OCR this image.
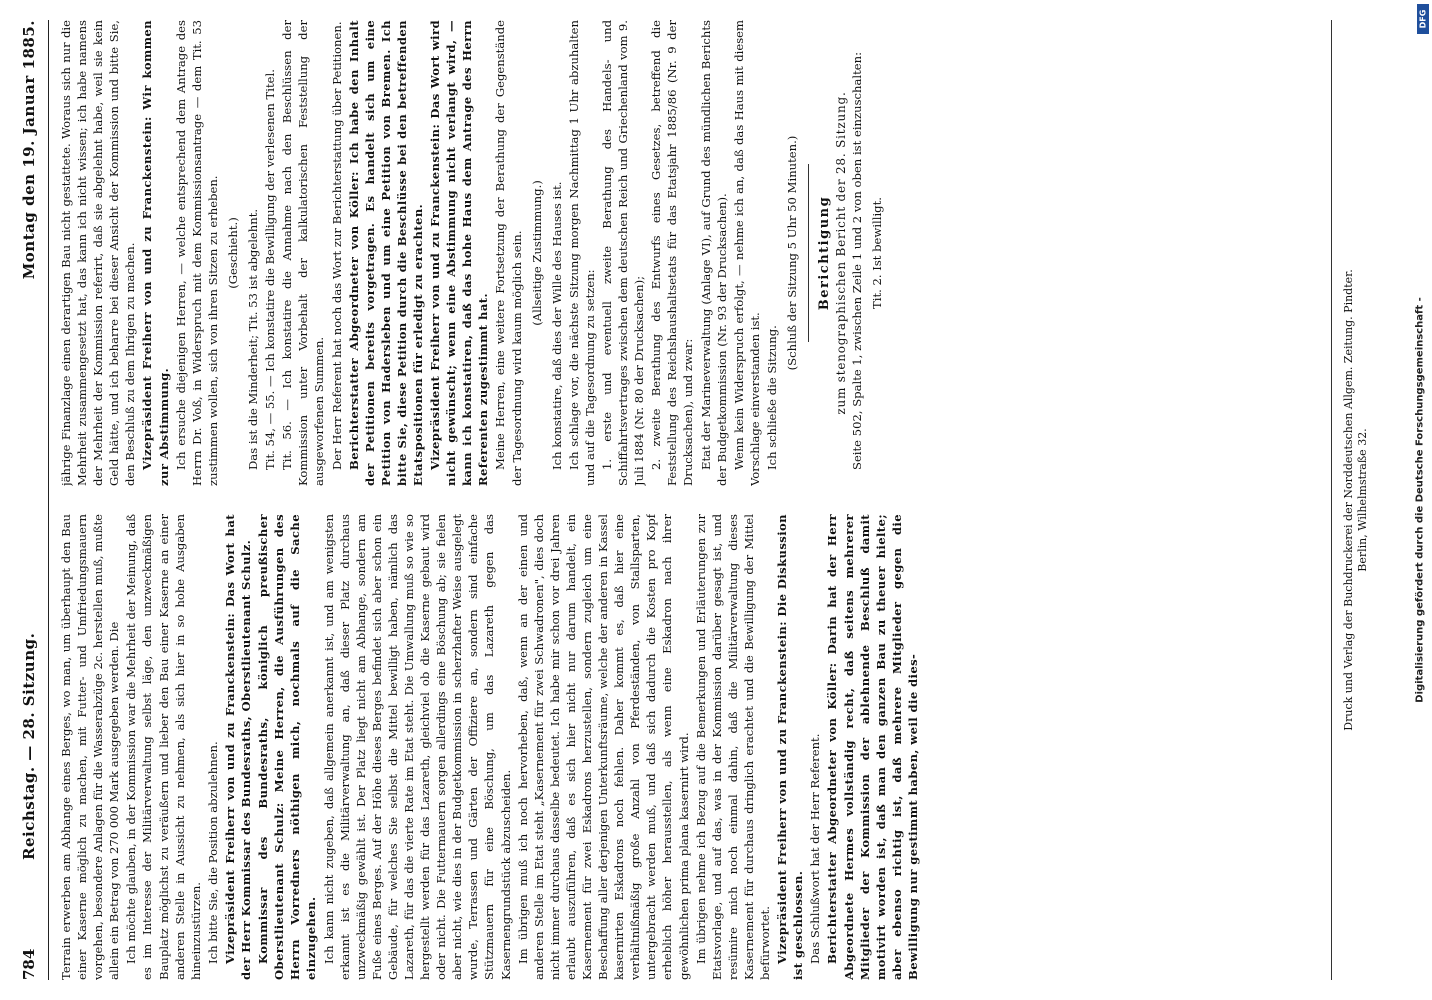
784
Reichstag. — 28. Sitzung.
Montag den 19. Januar 1885.

Terrain erwerben am Abhange eines Berges, wo man, um überhaupt den Bau einer Kaserne möglich zu machen, mit Futter- und Umfriedungsmauern vorgehen, besondere Anlagen für die Wasserabzüge 2c. herstellen muß, mußte allein ein Betrag von 270 000 Mark ausgegeben werden. Die Ich möchte glauben, in der Kommission war die Mehrheit der Meinung, daß es im Interesse der Militärverwaltung selbst läge, den unzweckmäßigen Bauplatz möglichst zu veräußern und lieber den Bau einer Kaserne an einer anderen Stelle in Aussicht zu nehmen, als sich hier in so hohe Ausgaben hineinzustürzen. Ich bitte Sie, die Position abzulehnen. Vizepräsident Freiherr von und zu Franckenstein: Das Wort hat der Herr Kommissar des Bundesraths, Oberstlieutenant Schulz. Kommissar des Bundesraths, königlich preußischer Oberstlieutenant Schulz: Meine Herren, die Ausführungen des Herrn Vorredners nöthigen mich, nochmals auf die Sache einzugehen. Ich kann nicht zugeben, daß allgemein anerkannt ist, und am wenigsten erkannt ist es die Militärverwaltung an, daß dieser Platz durchaus unzweckmäßig gewählt ist. Der Platz liegt nicht am Abhange, sondern am Fuße eines Berges. Auf der Höhe dieses Berges befindet sich aber schon ein Gebäude, für welches Sie selbst die Mittel bewilligt haben, nämlich das Lazareth, für das die vierte Rate im Etat steht. Die Umwallung muß so wie so hergestellt werden für das Lazareth, gleichviel ob die Kaserne gebaut wird oder nicht. Die Futtermauern sorgen allerdings eine Böschung ab; sie fielen aber nicht, wie dies in der Budgetkommission in scherzhafter Weise ausgelegt wurde, Terrassen und Gärten der Offiziere an, sondern sind einfache Stützmauern für eine Böschung, um das Lazareth gegen das Kasernengrundstück abzuscheiden. Im übrigen muß ich noch hervorheben, daß, wenn an der einen und anderen Stelle im Etat steht „Kasernement für zwei Schwadronen", dies doch nicht immer durchaus dasselbe bedeutet. Ich habe mir schon vor drei Jahren erlaubt auszuführen, daß es sich hier nicht nur darum handelt, ein Kasernement für zwei Eskadrons herzustellen, sondern zugleich um eine Beschaffung aller derjenigen Unterkunftsräume, welche der anderen in Kassel kasernirten Eskadrons noch fehlen. Daher kommt es, daß hier eine verhältnißmäßig große Anzahl von Pferdeständen, von Stallsparten, untergebracht werden muß, und daß sich dadurch die Kosten pro Kopf erheblich höher herausstellen, als wenn eine Eskadron nach ihrer gewöhnlichen prima plana kasernirt wird. Im übrigen nehme ich Bezug auf die Bemerkungen und Erläuterungen zur Etatsvorlage, und auf das, was in der Kommission darüber gesagt ist, und resümire mich noch einmal dahin, daß die Militärverwaltung dieses Kasernement für durchaus dringlich erachtet und die Bewilligung der Mittel befürwortet. Vizepräsident Freiherr von und zu Franckenstein: Die Diskussion ist geschlossen. Das Schlußwort hat der Herr Referent. Berichterstatter Abgeordneter von Köller: Darin hat der Herr Abgeordnete Hermes vollständig recht, daß seitens mehrerer Mitglieder der Kommission der ablehnende Beschluß damit motivirt worden ist, daß man den ganzen Bau zu theuer hielte; aber ebenso richtig ist, daß mehrere Mitglieder gegen die Bewilligung nur gestimmt haben, weil die dies-

jährige Finanzlage einen derartigen Bau nicht gestattete. Woraus sich nur die Mehrheit zusammengesetzt hat, das kann ich nicht wissen; ich habe namens der Mehrheit der Kommission referirt, daß sie abgelehnt habe, weil sie kein Geld hätte, und ich beharre bei dieser Ansicht der Kommission und bitte Sie, den Beschluß zu dem Ihrigen zu machen. Vizepräsident Freiherr von und zu Franckenstein: Wir kommen zur Abstimmung. Ich ersuche diejenigen Herren, — welche entsprechend dem Antrage des Herrn Dr. Voß, in Widerspruch mit dem Kommissionsantrage — dem Tit. 53 zustimmen wollen, sich von ihren Sitzen zu erheben. (Geschieht.) Das ist die Minderheit; Tit. 53 ist abgelehnt. Tit. 54, — 55. — Ich konstatire die Bewilligung der verlesenen Titel. Tit. 56. — Ich konstatire die Annahme nach den Beschlüssen der Kommission unter Vorbehalt der kalkulatorischen Feststellung der ausgeworfenen Summen. Der Herr Referent hat noch das Wort zur Berichterstattung über Petitionen. Berichterstatter Abgeordneter von Köller: Ich habe den Inhalt der Petitionen bereits vorgetragen. Es handelt sich um eine Petition von Hadersleben und um eine Petition von Bremen. Ich bitte Sie, diese Petition durch die Beschlüsse bei den betreffenden Etatspositionen für erledigt zu erachten. Vizepräsident Freiherr von und zu Franckenstein: Das Wort wird nicht gewünscht; wenn eine Abstimmung nicht verlangt wird, — kann ich konstatiren, daß das hohe Haus dem Antrage des Herrn Referenten zugestimmt hat. Meine Herren, eine weitere Fortsetzung der Berathung der Gegenstände der Tagesordnung wird kaum möglich sein. (Allseitige Zustimmung.) Ich konstatire, daß dies der Wille des Hauses ist. Ich schlage vor, die nächste Sitzung morgen Nachmittag 1 Uhr abzuhalten und auf die Tagesordnung zu setzen: 1. erste und eventuell zweite Berathung des Handels- und Schiffahrtsvertrages zwischen dem deutschen Reich und Griechenland vom 9. Juli 1884 (Nr. 80 der Drucksachen); 2. zweite Berathung des Entwurfs eines Gesetzes, betreffend die Feststellung des Reichshaushaltsetats für das Etatsjahr 1885/86 (Nr. 9 der Drucksachen), und zwar: Etat der Marineverwaltung (Anlage VI), auf Grund des mündlichen Berichts der Budgetkommission (Nr. 93 der Drucksachen). Wenn kein Widerspruch erfolgt, — nehme ich an, daß das Haus mit diesem Vorschlage einverstanden ist. Ich schließe die Sitzung.

(Schluß der Sitzung 5 Uhr 50 Minuten.) Berichtigung zum stenographischen Bericht der 28. Sitzung. Seite 502, Spalte 1, zwischen Zeile 1 und 2 von oben ist einzuschalten: Tit. 2. Ist bewilligt.

Druck und Verlag der Buchdruckerei der Norddeutschen Allgem. Zeitung. Pindter. Berlin, Wilhelmstraße 32.	Digitalisierung gefördert durch die Deutsche Forschungsgemeinschaft -
DFG
